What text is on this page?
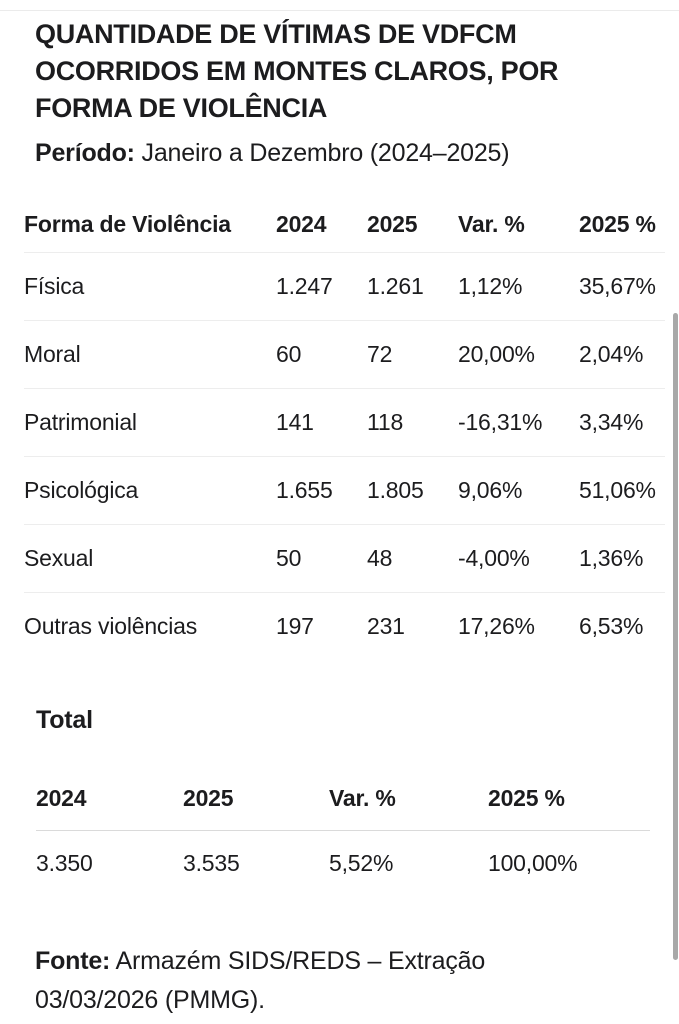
QUANTIDADE DE VÍTIMAS DE VDFCM OCORRIDOS EM MONTES CLAROS, POR FORMA DE VIOLÊNCIA
Período: Janeiro a Dezembro (2024–2025)
Forma de Violência	2024	2025	Var. %	2025 %
Física	1.247	1.261	1,12%	35,67%
Moral	60	72	20,00%	2,04%
Patrimonial	141	118	-16,31%	3,34%
Psicológica	1.655	1.805	9,06%	51,06%
Sexual	50	48	-4,00%	1,36%
Outras violências	197	231	17,26%	6,53%
Total
2024	2025	Var. %	2025 %
3.350	3.535	5,52%	100,00%
Fonte: Armazém SIDS/REDS – Extração 03/03/2026 (PMMG).
